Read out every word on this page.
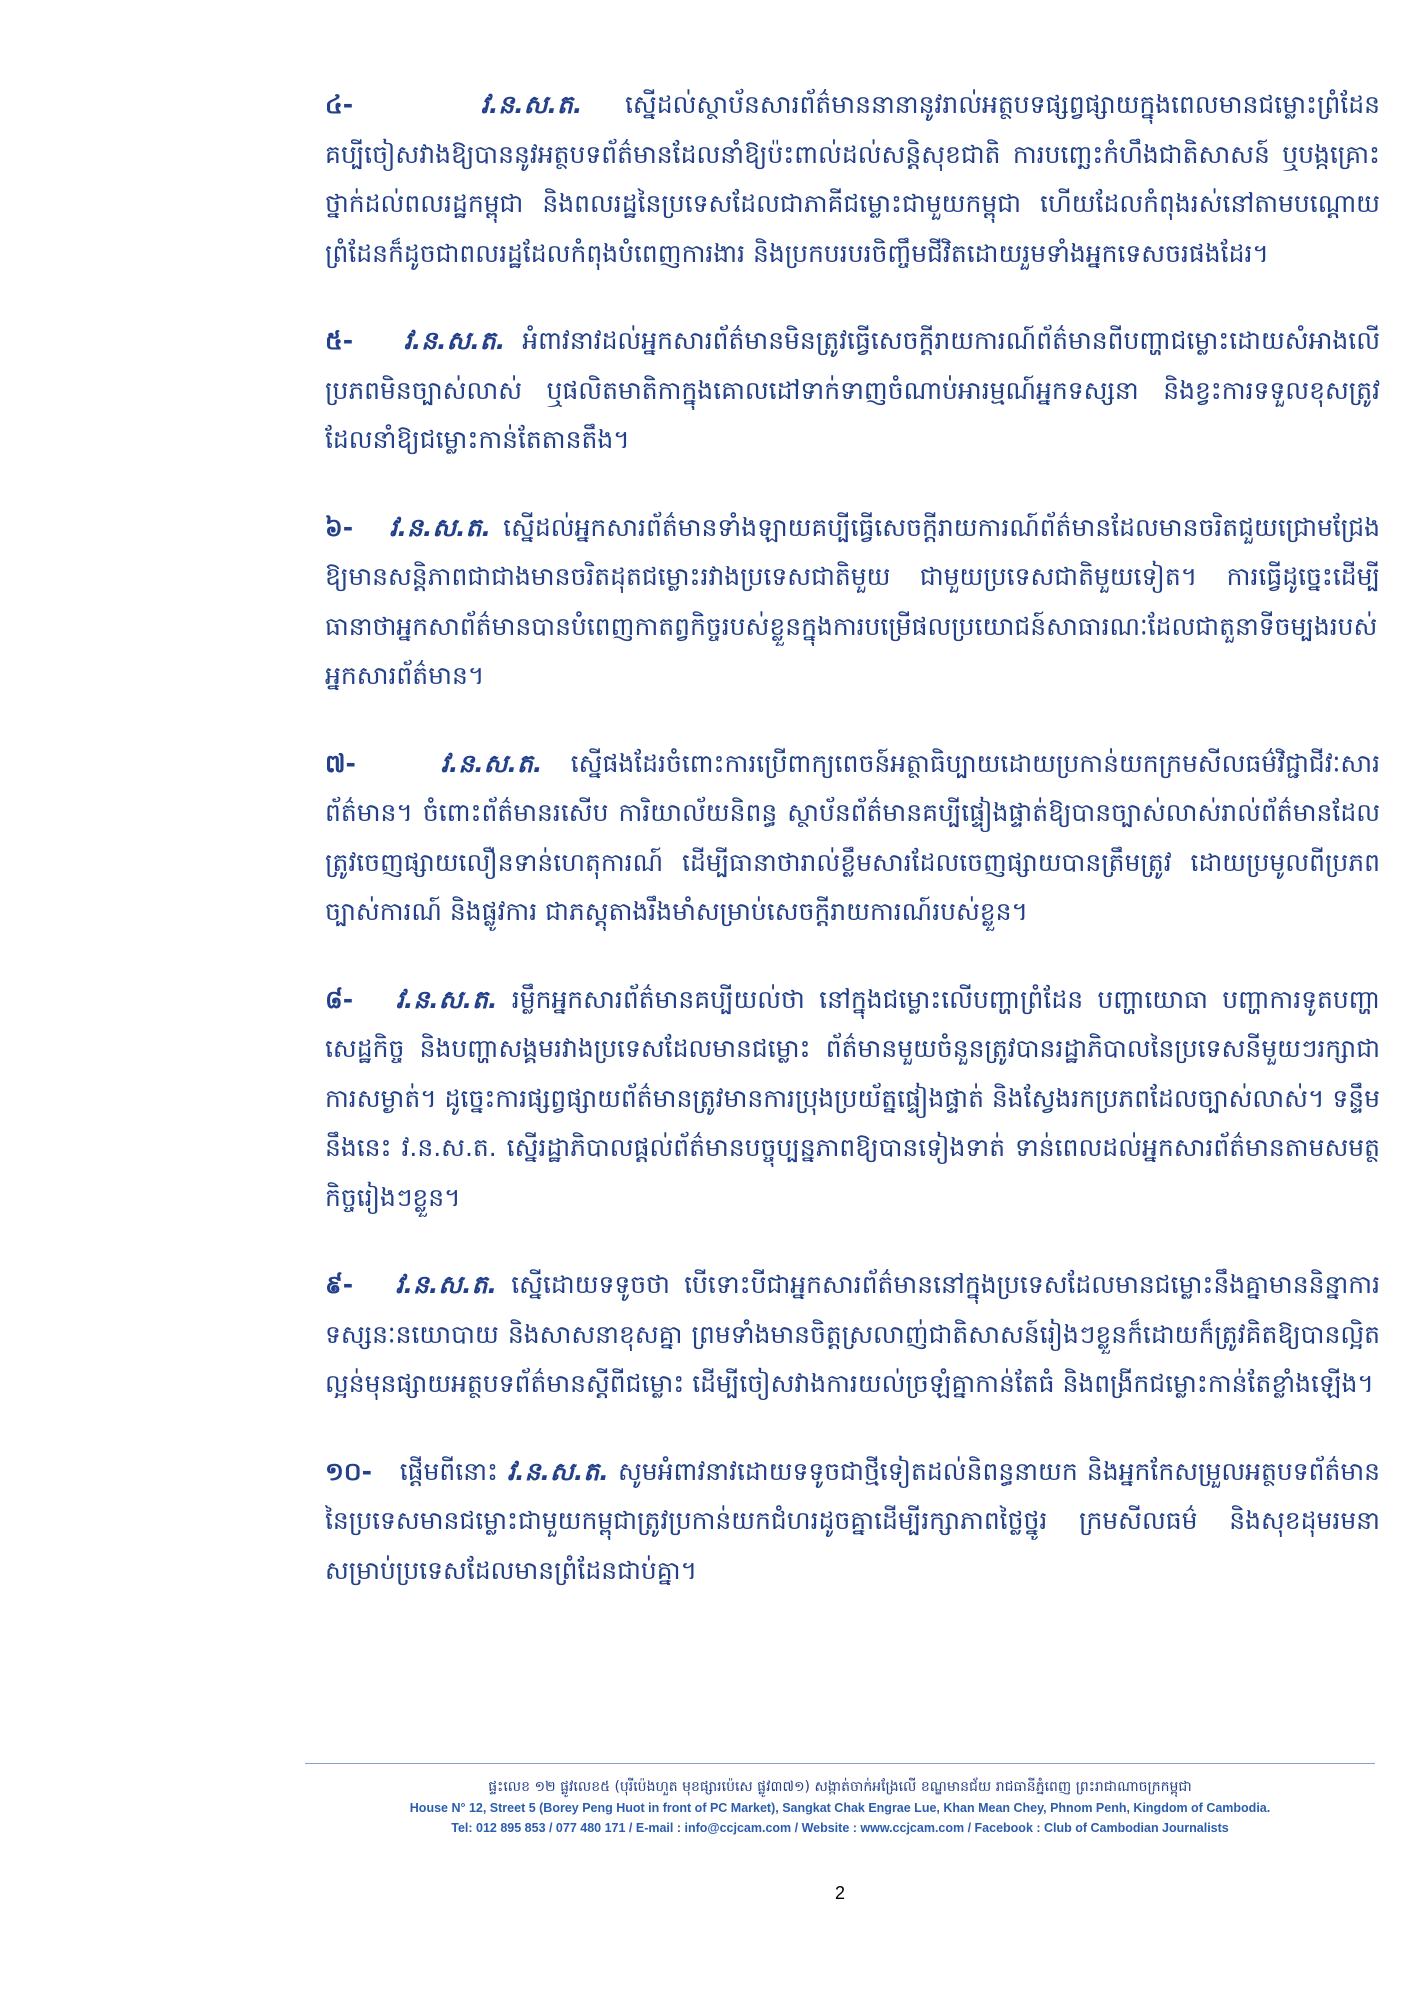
៤-	វ.ន.ស.ត. ស្នើដល់ស្ថាប័នសារព័ត៌មាននានានូវរាល់អត្ថបទផ្សព្វផ្សាយក្នុងពេលមានជម្លោះព្រំដែន គប្បីចៀសវាងឱ្យបាននូវអត្ថបទព័ត៌មានដែលនាំឱ្យប៉ះពាល់ដល់សន្តិសុខជាតិ ការបញ្ឆេះកំហឹងជាតិសាសន៍ ឬបង្កគ្រោះថ្នាក់ដល់ពលរដ្ឋកម្ពុជា និងពលរដ្ឋនៃប្រទេសដែលជាភាគីជម្លោះជាមួយកម្ពុជា ហើយដែលកំពុងរស់នៅតាមបណ្ដោយព្រំដែនក៏ដូចជាពលរដ្ឋដែលកំពុងបំពេញការងារ និងប្រកបរបរចិញ្ចឹមជីវិតដោយរួមទាំងអ្នកទេសចរផងដែរ។

៥- វ.ន.ស.ត. អំពាវនាវដល់អ្នកសារព័ត៌មានមិនត្រូវធ្វើសេចក្ដីរាយការណ៍ព័ត៌មានពីបញ្ហាជម្លោះដោយសំអាងលើប្រភពមិនច្បាស់លាស់ ឬផលិតមាតិកាក្នុងគោលដៅទាក់ទាញចំណាប់អារម្មណ៍អ្នកទស្សនា និងខ្វះការទទួលខុសត្រូវដែលនាំឱ្យជម្លោះកាន់តែតានតឹង។

៦- វ.ន.ស.ត. ស្នើដល់អ្នកសារព័ត៌មានទាំងឡាយគប្បីធ្វើសេចក្ដីរាយការណ៍ព័ត៌មានដែលមានចរិតជួយជ្រោមជ្រែងឱ្យមានសន្តិភាពជាជាងមានចរិតដុតជម្លោះរវាងប្រទេសជាតិមួយ ជាមួយប្រទេសជាតិមួយទៀត។ ការធ្វើដូច្នេះដើម្បីធានាថាអ្នកសាព័ត៌មានបានបំពេញកាតព្វកិច្ចរបស់ខ្លួនក្នុងការបម្រើផលប្រយោជន៍សាធារណៈដែលជាតួនាទីចម្បងរបស់អ្នកសារព័ត៌មាន។

៧-	វ.ន.ស.ត. ស្នើផងដែរចំពោះការប្រើពាក្យពេចន៍អត្ថាធិប្បាយដោយប្រកាន់យកក្រមសីលធម៌វិជ្ជាជីវៈសារព័ត៌មាន។ ចំពោះព័ត៌មានរសើប ការិយាល័យនិពន្ធ ស្ថាប័នព័ត៌មានគប្បីផ្ទៀងផ្ទាត់ឱ្យបានច្បាស់លាស់រាល់ព័ត៌មានដែលត្រូវចេញផ្សាយលឿនទាន់ហេតុការណ៍ ដើម្បីធានាថារាល់ខ្លឹមសារដែលចេញផ្សាយបានត្រឹមត្រូវ ដោយប្រមូលពីប្រភពច្បាស់ការណ៍ និងផ្លូវការ ជាភស្តុតាងរឹងមាំសម្រាប់សេចក្ដីរាយការណ៍របស់ខ្លួន។

៨- វ.ន.ស.ត. រម្លឹកអ្នកសារព័ត៌មានគប្បីយល់ថា នៅក្នុងជម្លោះលើបញ្ហាព្រំដែន បញ្ហាយោធា បញ្ហាការទូតបញ្ហាសេដ្ឋកិច្ច និងបញ្ហាសង្គមរវាងប្រទេសដែលមានជម្លោះ ព័ត៌មានមួយចំនួនត្រូវបានរដ្ឋាភិបាលនៃប្រទេសនីមួយៗរក្សាជាការសម្ងាត់។ ដូច្នេះការផ្សព្វផ្សាយព័ត៌មានត្រូវមានការប្រុងប្រយ័ត្នផ្ទៀងផ្ទាត់ និងស្វែងរកប្រភពដែលច្បាស់លាស់។ ទន្ទឹមនឹងនេះ វ.ន.ស.ត. ស្នើរដ្ឋាភិបាលផ្ដល់ព័ត៌មានបច្ចុប្បន្នភាពឱ្យបានទៀងទាត់ ទាន់ពេលដល់អ្នកសារព័ត៌មានតាមសមត្ថកិច្ចរៀងៗខ្លួន។

៩- វ.ន.ស.ត. ស្នើដោយទទូចថា បើទោះបីជាអ្នកសារព័ត៌មាននៅក្នុងប្រទេសដែលមានជម្លោះនឹងគ្នាមាននិន្នាការ ទស្សនៈនយោបាយ និងសាសនាខុសគ្នា ព្រមទាំងមានចិត្តស្រលាញ់ជាតិសាសន៍រៀងៗខ្លួនក៏ដោយក៏ត្រូវគិតឱ្យបានល្អិតល្អន់មុនផ្សាយអត្ថបទព័ត៌មានស្ដីពីជម្លោះ ដើម្បីចៀសវាងការយល់ច្រឡំគ្នាកាន់តែធំ និងពង្រីកជម្លោះកាន់តែខ្លាំងឡើង។

១០- ផ្ដើមពីនោះ វ.ន.ស.ត. សូមអំពាវនាវដោយទទូចជាថ្មីទៀតដល់និពន្ធនាយក និងអ្នកកែសម្រួលអត្ថបទព័ត៌មាននៃប្រទេសមានជម្លោះជាមួយកម្ពុជាត្រូវប្រកាន់យកជំហរដូចគ្នាដើម្បីរក្សាភាពថ្លៃថ្នូរ ក្រមសីលធម៌ និងសុខដុមរមនាសម្រាប់ប្រទេសដែលមានព្រំដែនជាប់គ្នា។

ផ្ទះលេខ ១២ ផ្លូវលេខ៥ (បុរីប៉េងហួត មុខផ្សារប៉េសេ ផ្លូវ៣៧១) សង្កាត់ចាក់អង្រែលើ ខណ្ឌមានជ័យ រាជធានីភ្នំពេញ ព្រះរាជាណាចក្រកម្ពុជា
House N° 12, Street 5 (Borey Peng Huot in front of PC Market), Sangkat Chak Engrae Lue, Khan Mean Chey, Phnom Penh, Kingdom of Cambodia.
Tel: 012 895 853 / 077 480 171 / E-mail : info@ccjcam.com / Website : www.ccjcam.com / Facebook : Club of Cambodian Journalists
2
